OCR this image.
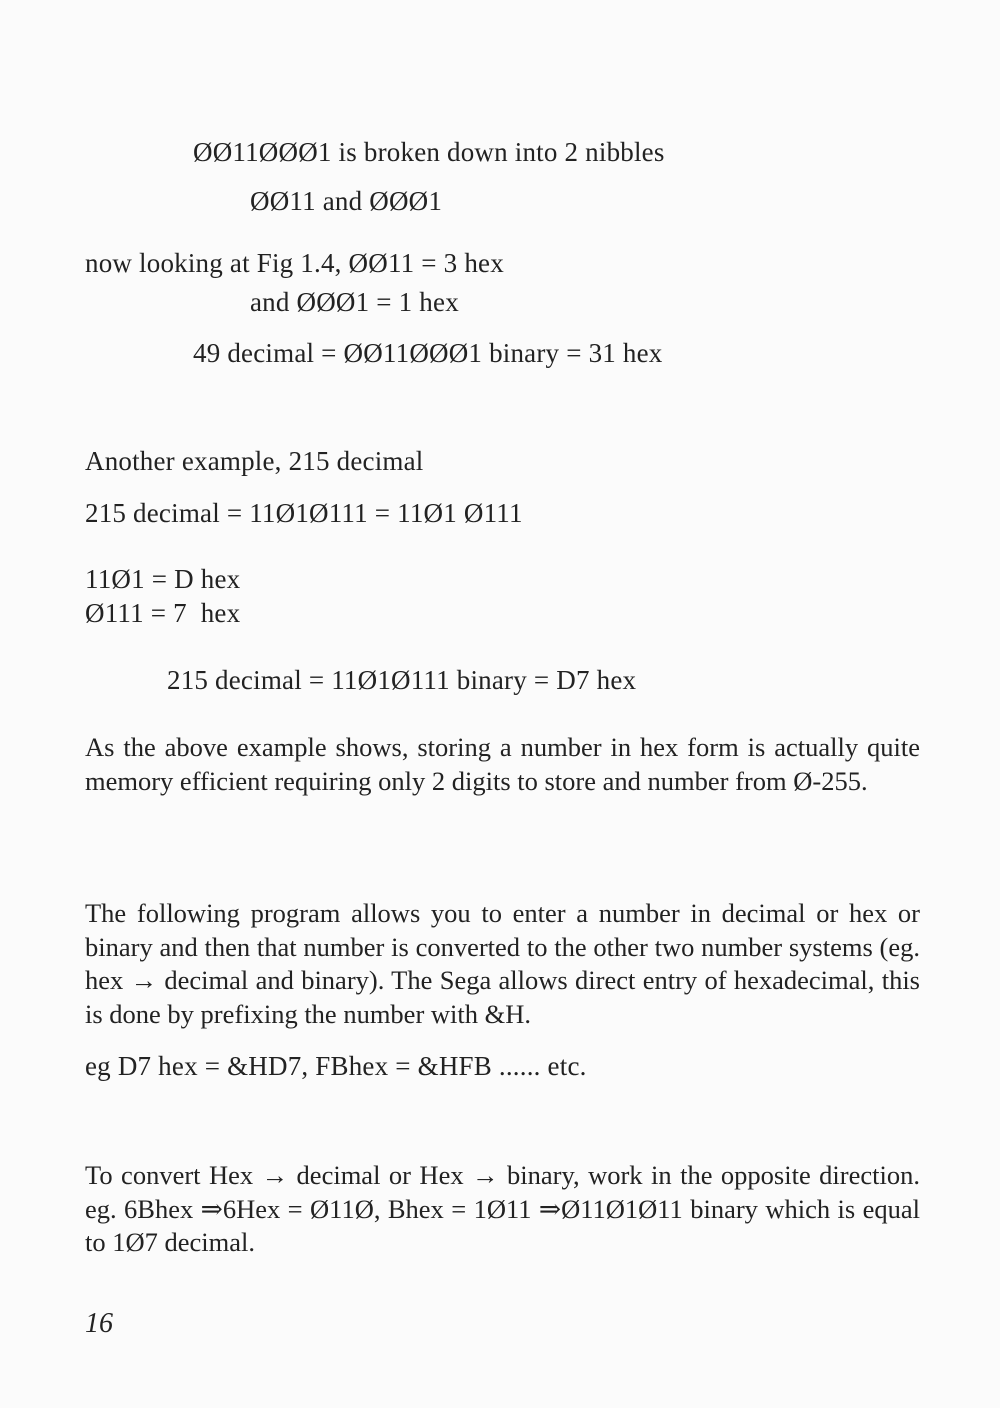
ØØ11ØØØ1 is broken down into 2 nibbles
ØØ11 and ØØØ1
now looking at Fig 1.4, ØØ11 = 3 hex
and ØØØ1 = 1 hex
49 decimal = ØØ11ØØØ1 binary = 31 hex
Another example, 215 decimal
215 decimal = 11Ø1Ø111 = 11Ø1 Ø111
11Ø1 = D hex
Ø111 = 7  hex
215 decimal = 11Ø1Ø111 binary = D7 hex
As the above example shows, storing a number in hex form is actually quite memory efficient requiring only 2 digits to store and number from Ø-255.
The following program allows you to enter a number in decimal or hex or binary and then that number is converted to the other two number systems (eg. hex → decimal and binary). The Sega allows direct entry of hexadecimal, this is done by prefixing the number with &H.
eg D7 hex = &HD7, FBhex = &HFB ...... etc.
To convert Hex → decimal or Hex → binary, work in the opposite direction. eg. 6Bhex ⇒6Hex = Ø11Ø, Bhex = 1Ø11 ⇒Ø11Ø1Ø11 binary which is equal to 1Ø7 decimal.
16
